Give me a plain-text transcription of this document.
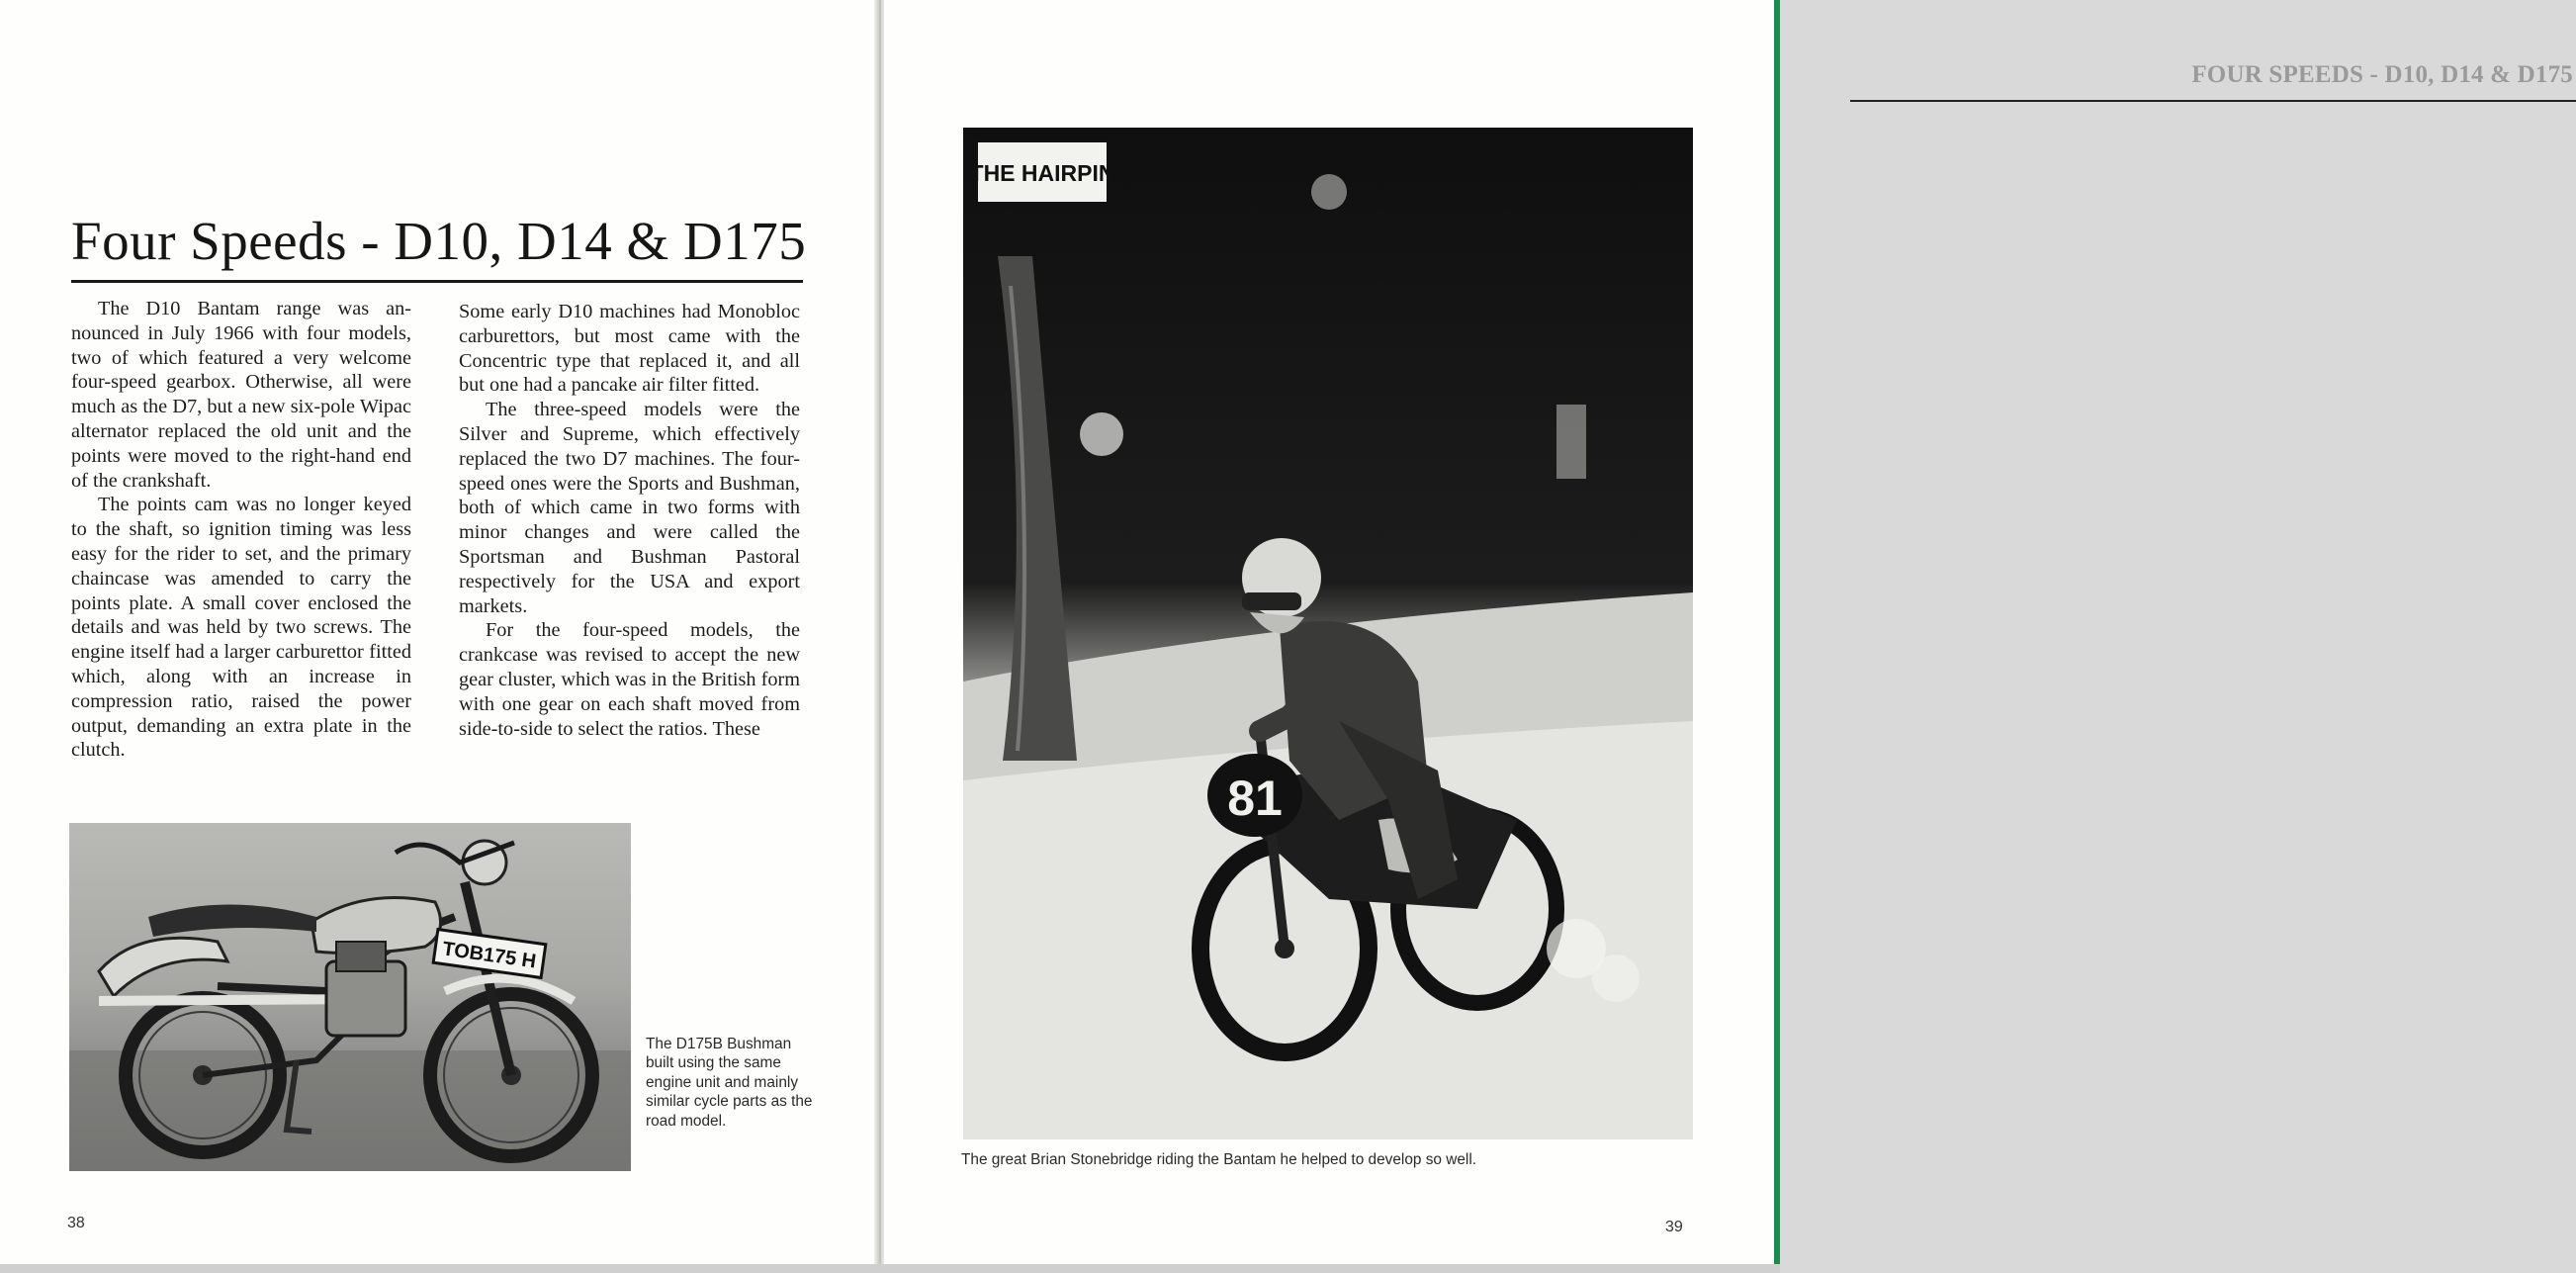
Four Speeds - D10, D14 & D175

The D10 Bantam range was announced in July 1966 with four models, two of which featured a very welcome four-speed gearbox. Otherwise, all were much as the D7, but a new six-pole Wipac alternator replaced the old unit and the points were moved to the right-hand end of the crankshaft.

The points cam was no longer keyed to the shaft, so ignition timing was less easy for the rider to set, and the primary chaincase was amended to carry the points plate. A small cover enclosed the details and was held by two screws. The engine itself had a larger carburettor fitted which, along with an increase in compression ratio, raised the power output, demanding an extra plate in the clutch.

Some early D10 machines had Monobloc carburettors, but most came with the Concentric type that replaced it, and all but one had a pancake air filter fitted.

The three-speed models were the Silver and Supreme, which effectively replaced the two D7 machines. The four-speed ones were the Sports and Bushman, both of which came in two forms with minor changes and were called the Sportsman and Bushman Pastoral respectively for the USA and export markets.

For the four-speed models, the crankcase was revised to accept the new gear cluster, which was in the British form with one gear on each shaft moved from side-to-side to select the ratios. These

TOB175 H

The D175B Bushman built using the same engine unit and mainly similar cycle parts as the road model.

38
FOUR SPEEDS - D10, D14 & D175
THE HAIRPIN
81

The great Brian Stonebridge riding the Bantam he helped to develop so well.

39
